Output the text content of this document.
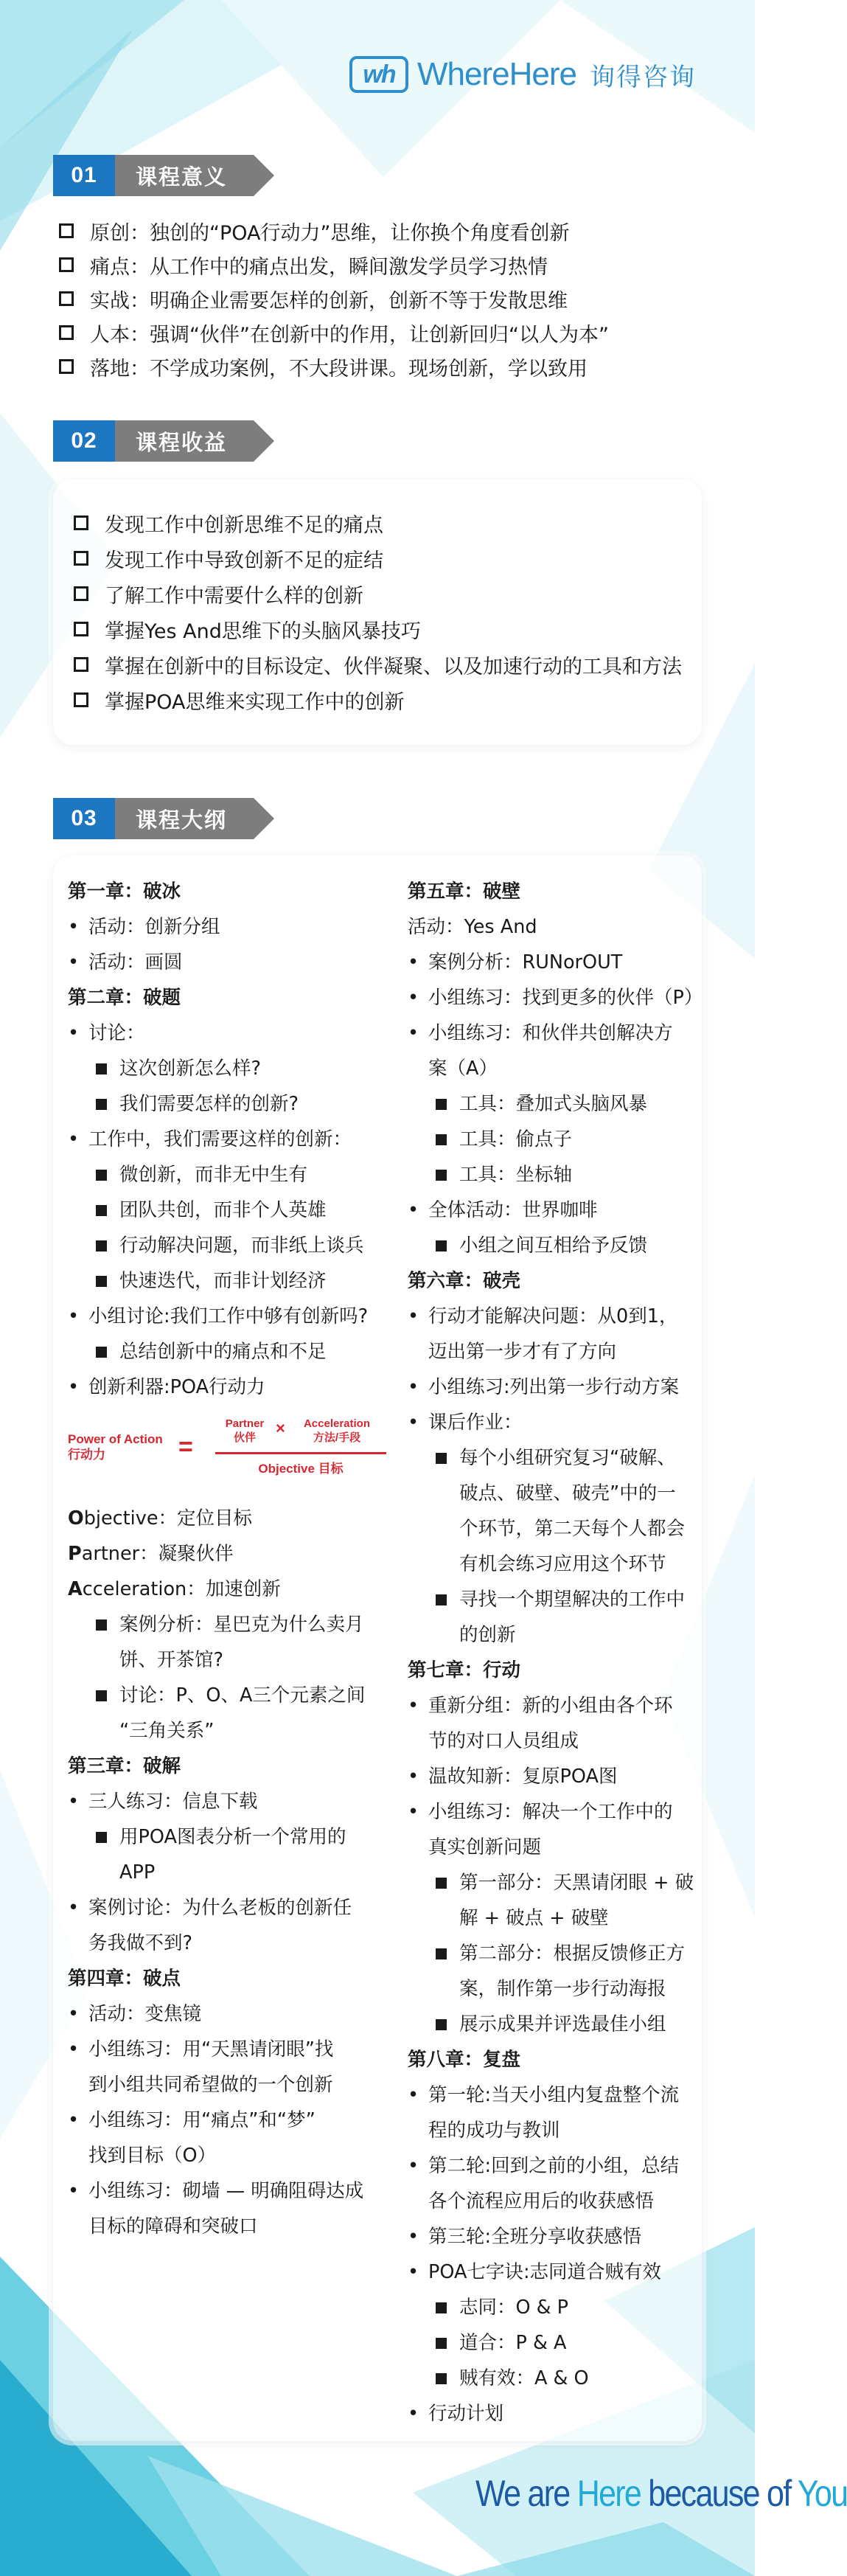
wh WhereHere 询得咨询
01	课程意义
原创：独创的“POA行动力”思维，让你换个角度看创新
痛点：从工作中的痛点出发，瞬间激发学员学习热情
实战：明确企业需要怎样的创新，创新不等于发散思维
人本：强调“伙伴”在创新中的作用，让创新回归“以人为本”
落地：不学成功案例，不大段讲课。现场创新，学以致用
02	课程收益
发现工作中创新思维不足的痛点
发现工作中导致创新不足的症结
了解工作中需要什么样的创新
掌握Yes And思维下的头脑风暴技巧
掌握在创新中的目标设定、伙伴凝聚、以及加速行动的工具和方法
掌握POA思维来实现工作中的创新
03	课程大纲
第一章：破冰
• 活动：创新分组
• 活动：画圆
第二章：破题
• 讨论：
这次创新怎么样?
我们需要怎样的创新?
• 工作中，我们需要这样的创新：
微创新，而非无中生有
团队共创，而非个人英雄
行动解决问题，而非纸上谈兵
快速迭代，而非计划经济
• 小组讨论:我们工作中够有创新吗?
总结创新中的痛点和不足
• 创新利器:POA行动力
Power of Action
行动力	=
Partner
伙伴
×	Acceleration
方法/手段
Objective 目标
Objective：定位目标
Partner：凝聚伙伴
Acceleration：加速创新
案例分析：星巴克为什么卖月
饼、开茶馆?
讨论：P、O、A三个元素之间
“三角关系”
第三章：破解
• 三人练习：信息下载
用POA图表分析一个常用的
APP
• 案例讨论：为什么老板的创新任
务我做不到?
第四章：破点
• 活动：变焦镜
• 小组练习：用“天黑请闭眼”找
到小组共同希望做的一个创新
• 小组练习：用“痛点”和“梦”
找到目标（O）
• 小组练习：砌墙 — 明确阻碍达成
目标的障碍和突破口
第五章：破壁
活动：Yes And
• 案例分析：RUNorOUT
• 小组练习：找到更多的伙伴（P）
• 小组练习：和伙伴共创解决方
案（A）
工具：叠加式头脑风暴
工具：偷点子
工具：坐标轴
• 全体活动：世界咖啡
小组之间互相给予反馈
第六章：破壳
• 行动才能解决问题：从0到1，
迈出第一步才有了方向
• 小组练习:列出第一步行动方案
• 课后作业：
每个小组研究复习“破解、
破点、破壁、破壳”中的一
个环节，第二天每个人都会
有机会练习应用这个环节
寻找一个期望解决的工作中
的创新
第七章：行动
• 重新分组：新的小组由各个环
节的对口人员组成
• 温故知新：复原POA图
• 小组练习：解决一个工作中的
真实创新问题
第一部分：天黑请闭眼 + 破
解 + 破点 + 破壁
第二部分：根据反馈修正方
案，制作第一步行动海报
展示成果并评选最佳小组
第八章：复盘
• 第一轮:当天小组内复盘整个流
程的成功与教训
• 第二轮:回到之前的小组，总结
各个流程应用后的收获感悟
• 第三轮:全班分享收获感悟
• POA七字诀:志同道合贼有效
志同：O & P
道合：P & A
贼有效：A & O
• 行动计划
We are Here because of You
